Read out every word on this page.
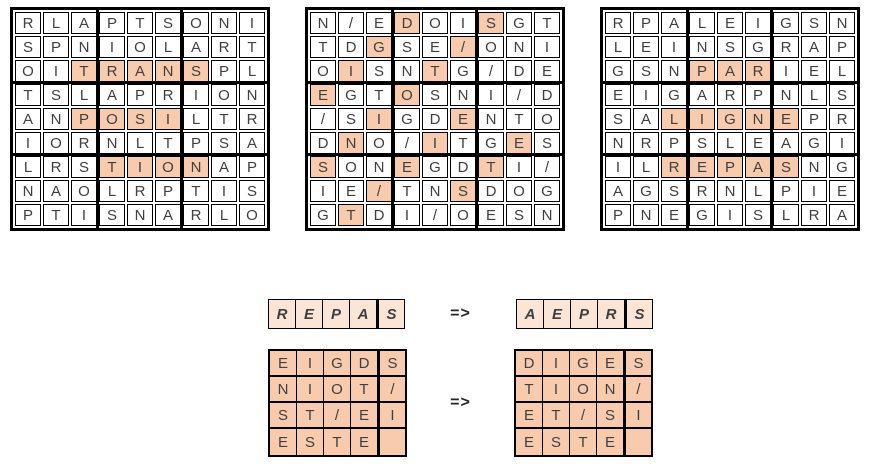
R	L	A	P	T	S	O	N	I
S	P	N	I	O	L	A	R	T
O	I	T	R	A	N	S	P	L
T	S	L	A	P	R	I	O	N
A	N	P	O	S	I	L	T	R
I	O	R	N	L	T	P	S	A
L	R	S	T	I	O	N	A	P
N	A	O	L	R	P	T	I	S
P	T	I	S	N	A	R	L	O
N	/	E	D	O	I	S	G	T
T	D	G	S	E	/	O	N	I
O	I	S	N	T	G	/	D	E
E	G	T	O	S	N	I	/	D
/	S	I	G	D	E	N	T	O
D	N	O	/	I	T	G	E	S
S	O	N	E	G	D	T	I	/
I	E	/	T	N	S	D	O	G
G	T	D	I	/	O	E	S	N
R	P	A	L	E	I	G	S	N
L	E	I	N	S	G	R	A	P
G	S	N	P	A	R	I	E	L
E	I	G	A	R	P	N	L	S
S	A	L	I	G	N	E	P	R
N	R	P	S	L	E	A	G	I
I	L	R	E	P	A	S	N	G
A	G	S	R	N	L	P	I	E
P	N	E	G	I	S	L	R	A
R	E	P	A	S	=>	A	E	P	R	S
E	I	G	D	S
N	I	O	T	/
S	T	/	E	I
E	S	T	E
=>
D	I	G	E	S
T	I	O	N	/
E	T	/	S	I
E	S	T	E
